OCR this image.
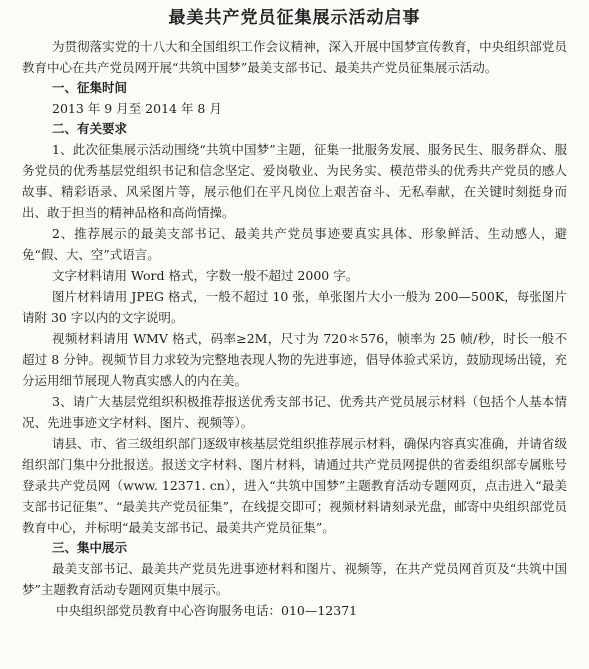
最美共产党员征集展示活动启事

为贯彻落实党的十八大和全国组织工作会议精神，深入开展中国梦宣传教育，中央组织部党员教育中心在共产党员网开展“共筑中国梦”最美支部书记、最美共产党员征集展示活动。

一、征集时间

2013 年 9 月至 2014 年 8 月

二、有关要求

1、此次征集展示活动围绕“共筑中国梦”主题，征集一批服务发展、服务民生、服务群众、服务党员的优秀基层党组织书记和信念坚定、爱岗敬业、为民务实、模范带头的优秀共产党员的感人故事、精彩语录、风采图片等，展示他们在平凡岗位上艰苦奋斗、无私奉献，在关键时刻挺身而出、敢于担当的精神品格和高尚情操。

2、推荐展示的最美支部书记、最美共产党员事迹要真实具体、形象鲜活、生动感人，避免“假、大、空”式语言。

文字材料请用 Word 格式，字数一般不超过 2000 字。

图片材料请用 JPEG 格式，一般不超过 10 张，单张图片大小一般为 200—500K，每张图片请附 30 字以内的文字说明。

视频材料请用 WMV 格式，码率≥2M，尺寸为 720＊576，帧率为 25 帧/秒，时长一般不超过 8 分钟。视频节目力求较为完整地表现人物的先进事迹，倡导体验式采访，鼓励现场出镜，充分运用细节展现人物真实感人的内在美。

3、请广大基层党组织积极推荐报送优秀支部书记、优秀共产党员展示材料（包括个人基本情况、先进事迹文字材料、图片、视频等）。

请县、市、省三级组织部门逐级审核基层党组织推荐展示材料，确保内容真实准确，并请省级组织部门集中分批报送。报送文字材料、图片材料，请通过共产党员网提供的省委组织部专属账号登录共产党员网（www. 12371. cn），进入“共筑中国梦”主题教育活动专题网页，点击进入“最美支部书记征集”、“最美共产党员征集”，在线提交即可；视频材料请刻录光盘，邮寄中央组织部党员教育中心，并标明“最美支部书记、最美共产党员征集”。

三、集中展示

最美支部书记、最美共产党员先进事迹材料和图片、视频等，在共产党员网首页及“共筑中国梦”主题教育活动专题网页集中展示。

中央组织部党员教育中心咨询服务电话：010—12371
